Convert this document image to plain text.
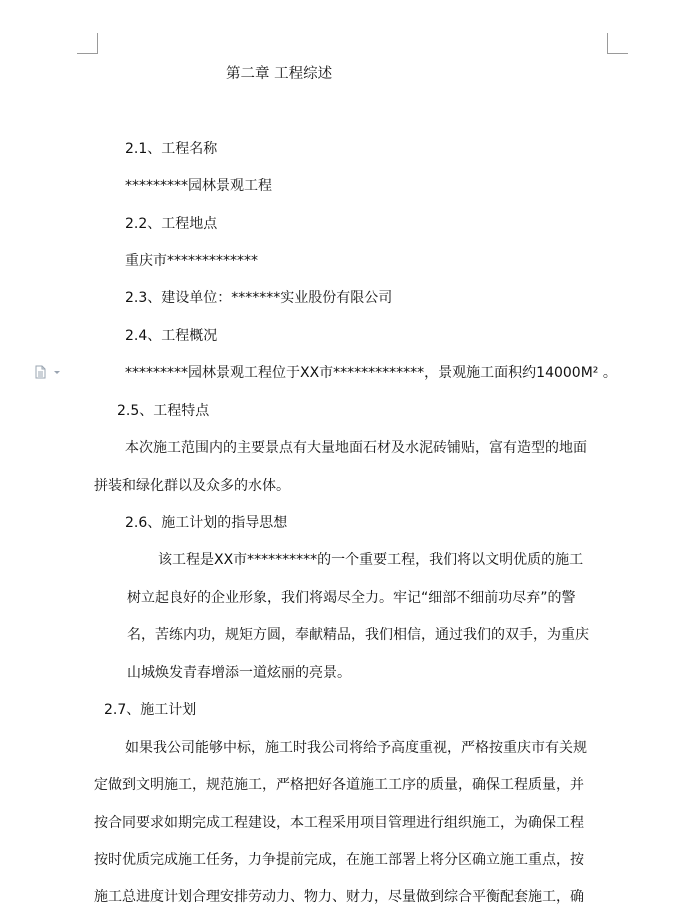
第二章 工程综述
2.1、工程名称
*********园林景观工程
2.2、工程地点
重庆市*************
2.3、建设单位：*******实业股份有限公司
2.4、工程概况
*********园林景观工程位于XX市*************，景观施工面积约14000M² 。
2.5、工程特点
本次施工范围内的主要景点有大量地面石材及水泥砖铺贴，富有造型的地面
拼装和绿化群以及众多的水体。
2.6、施工计划的指导思想
该工程是XX市**********的一个重要工程，我们将以文明优质的施工
树立起良好的企业形象，我们将竭尽全力。牢记“细部不细前功尽弃”的警
名，苦练内功，规矩方圆，奉献精品，我们相信，通过我们的双手，为重庆
山城焕发青春增添一道炫丽的亮景。
2.7、施工计划
如果我公司能够中标，施工时我公司将给予高度重视，严格按重庆市有关规
定做到文明施工，规范施工，严格把好各道施工工序的质量，确保工程质量，并
按合同要求如期完成工程建设，本工程采用项目管理进行组织施工，为确保工程
按时优质完成施工任务，力争提前完成，在施工部署上将分区确立施工重点，按
施工总进度计划合理安排劳动力、物力、财力，尽量做到综合平衡配套施工，确
